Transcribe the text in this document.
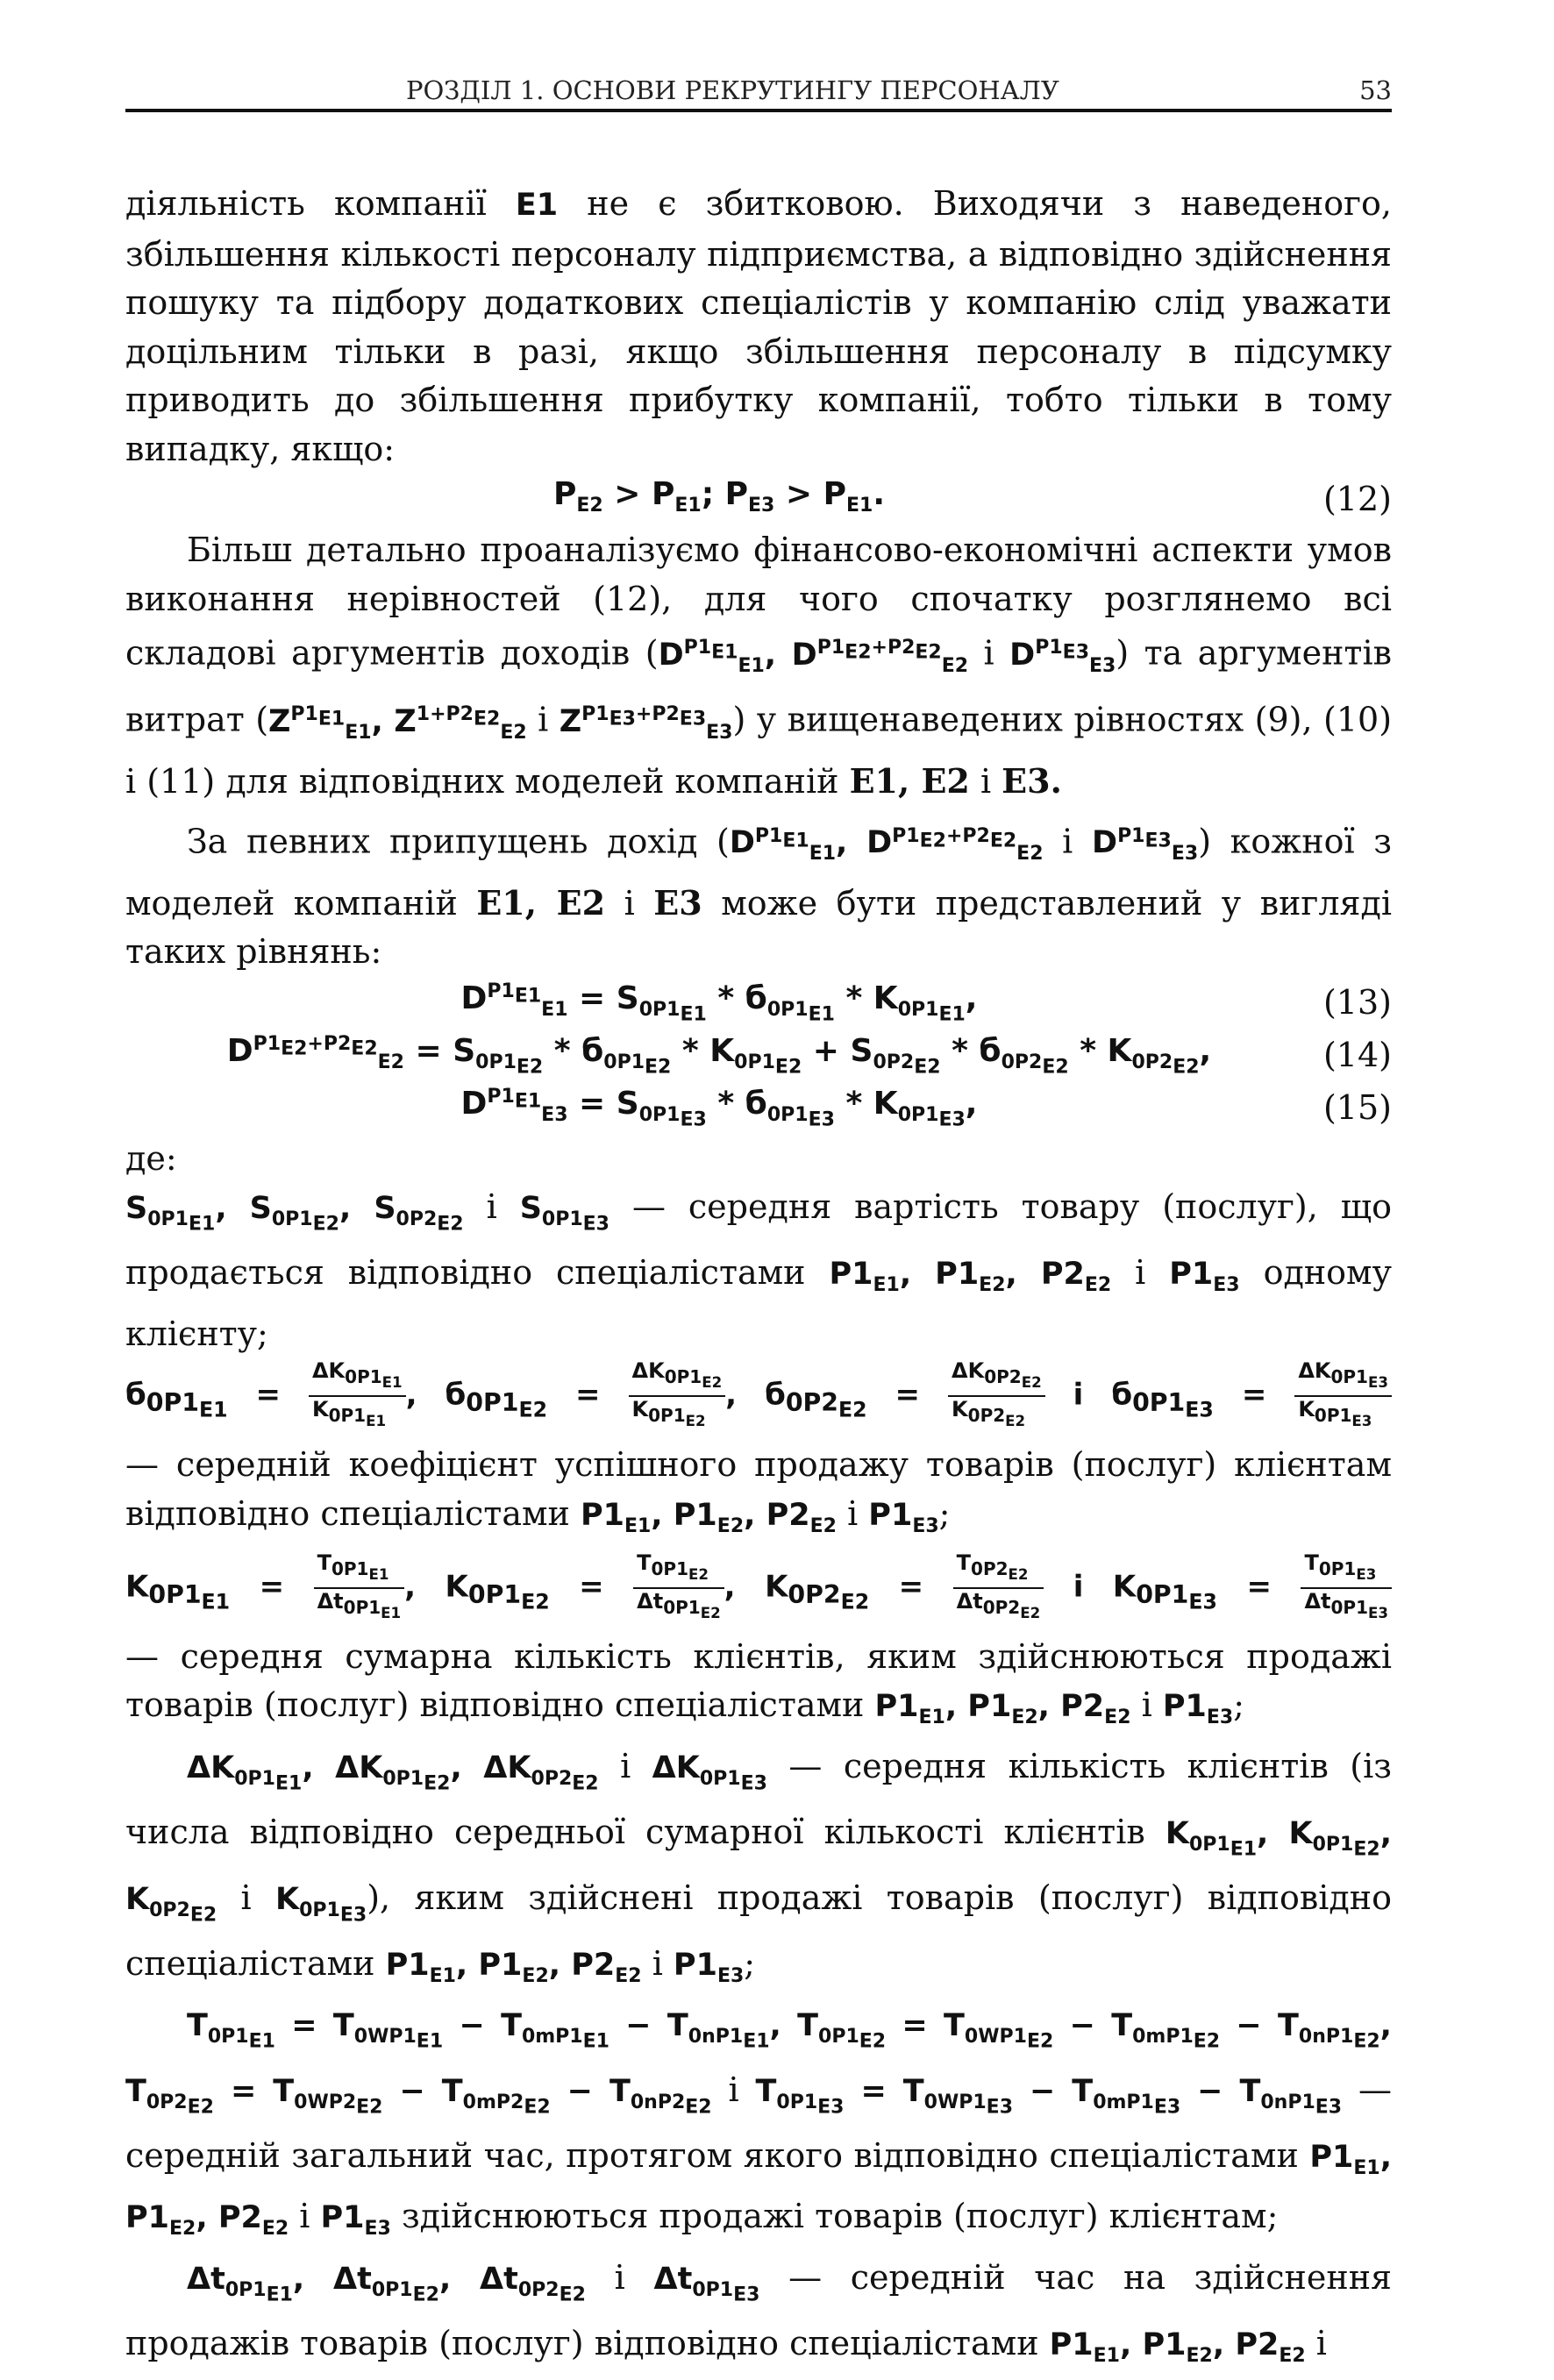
РОЗДІЛ 1. ОСНОВИ РЕКРУТИНГУ ПЕРСОНАЛУ	53

діяльність компанії E1 не є збитковою. Виходячи з наведеного, збільшення кількості персоналу підприємства, а відповідно здійснення пошуку та підбору додаткових спеціалістів у компанію слід уважати доцільним тільки в разі, якщо збільшення персоналу в підсумку приводить до збільшення прибутку компанії, тобто тільки в тому випадку, якщо:

$P_{E2} > P_{E1}$; $P_{E3} > P_{E1}$.	(12)

Більш детально проаналізуємо фінансово-економічні аспекти умов виконання нерівностей (12), для чого спочатку розглянемо всі складові аргументів доходів ($D^{P1_{E1}}_{E1}$, $D^{P1_{E2}+P2_{E2}}_{E2}$ і $D^{P1_{E3}}_{E3}$) та аргументів витрат ($Z^{P1_{E1}}_{E1}$, $Z^{1+P2_{E2}}_{E2}$ і $Z^{P1_{E3}+P2_{E3}}_{E3}$) у вищенаведених рівностях (9), (10) і (11) для відповідних моделей компаній E1, E2 і E3.

За певних припущень дохід ($D^{P1_{E1}}_{E1}$, $D^{P1_{E2}+P2_{E2}}_{E2}$ і $D^{P1_{E3}}_{E3}$) кожної з моделей компаній E1, E2 і E3 може бути представлений у вигляді таких рівнянь:

$D^{P1_{E1}}_{E1} = S_{0P1_{E1}} * б_{0P1_{E1}} * K_{0P1_{E1}}$,	(13)
$D^{P1_{E2}+P2_{E2}}_{E2} = S_{0P1_{E2}} * б_{0P1_{E2}} * K_{0P1_{E2}} + S_{0P2_{E2}} * б_{0P2_{E2}} * K_{0P2_{E2}}$,	(14)
$D^{P1_{E1}}_{E3} = S_{0P1_{E3}} * б_{0P1_{E3}} * K_{0P1_{E3}}$,	(15)

де:

$S_{0P1_{E1}}$, $S_{0P1_{E2}}$, $S_{0P2_{E2}}$ і $S_{0P1_{E3}}$ — середня вартість товару (послуг), що продається відповідно спеціалістами $P1_{E1}$, $P1_{E2}$, $P2_{E2}$ і $P1_{E3}$ одному клієнту;

$б_{0P1_{E1}} = \frac{\Delta K_{0P1_{E1}}}{K_{0P1_{E1}}}$ , $б_{0P1_{E2}} = \frac{\Delta K_{0P1_{E2}}}{K_{0P1_{E2}}}$ , $б_{0P2_{E2}} = \frac{\Delta K_{0P2_{E2}}}{K_{0P2_{E2}}}$ і $б_{0P1_{E3}} = \frac{\Delta K_{0P1_{E3}}}{K_{0P1_{E3}}}$

— середній коефіцієнт успішного продажу товарів (послуг) клієнтам відповідно спеціалістами $P1_{E1}$, $P1_{E2}$, $P2_{E2}$ і $P1_{E3}$;

$K_{0P1_{E1}} = \frac{T_{0P1_{E1}}}{\Delta t_{0P1_{E1}}}$ , $K_{0P1_{E2}} = \frac{T_{0P1_{E2}}}{\Delta t_{0P1_{E2}}}$ , $K_{0P2_{E2}} = \frac{T_{0P2_{E2}}}{\Delta t_{0P2_{E2}}}$ і $K_{0P1_{E3}} = \frac{T_{0P1_{E3}}}{\Delta t_{0P1_{E3}}}$

— середня сумарна кількість клієнтів, яким здійснюються продажі товарів (послуг) відповідно спеціалістами $P1_{E1}$, $P1_{E2}$, $P2_{E2}$ і $P1_{E3}$;

$\Delta K_{0P1_{E1}}$, $\Delta K_{0P1_{E2}}$, $\Delta K_{0P2_{E2}}$ і $\Delta K_{0P1_{E3}}$ — середня кількість клієнтів (із числа відповідно середньої сумарної кількості клієнтів $K_{0P1_{E1}}$, $K_{0P1_{E2}}$, $K_{0P2_{E2}}$ і $K_{0P1_{E3}}$), яким здійснені продажі товарів (послуг) відповідно спеціалістами $P1_{E1}$, $P1_{E2}$, $P2_{E2}$ і $P1_{E3}$;

$T_{0P1_{E1}} = T_{0WP1_{E1}} - T_{0mP1_{E1}} - T_{0nP1_{E1}}$, $T_{0P1_{E2}} = T_{0WP1_{E2}} - T_{0mP1_{E2}} - T_{0nP1_{E2}}$, $T_{0P2_{E2}} = T_{0WP2_{E2}} - T_{0mP2_{E2}} - T_{0nP2_{E2}}$ і $T_{0P1_{E3}} = T_{0WP1_{E3}} - T_{0mP1_{E3}} - T_{0nP1_{E3}}$ — середній загальний час, протягом якого відповідно спеціалістами $P1_{E1}$, $P1_{E2}$, $P2_{E2}$ і $P1_{E3}$ здійснюються продажі товарів (послуг) клієнтам;

$\Delta t_{0P1_{E1}}$, $\Delta t_{0P1_{E2}}$, $\Delta t_{0P2_{E2}}$ і $\Delta t_{0P1_{E3}}$ — середній час на здійснення продажів товарів (послуг) відповідно спеціалістами $P1_{E1}$, $P1_{E2}$, $P2_{E2}$ і
